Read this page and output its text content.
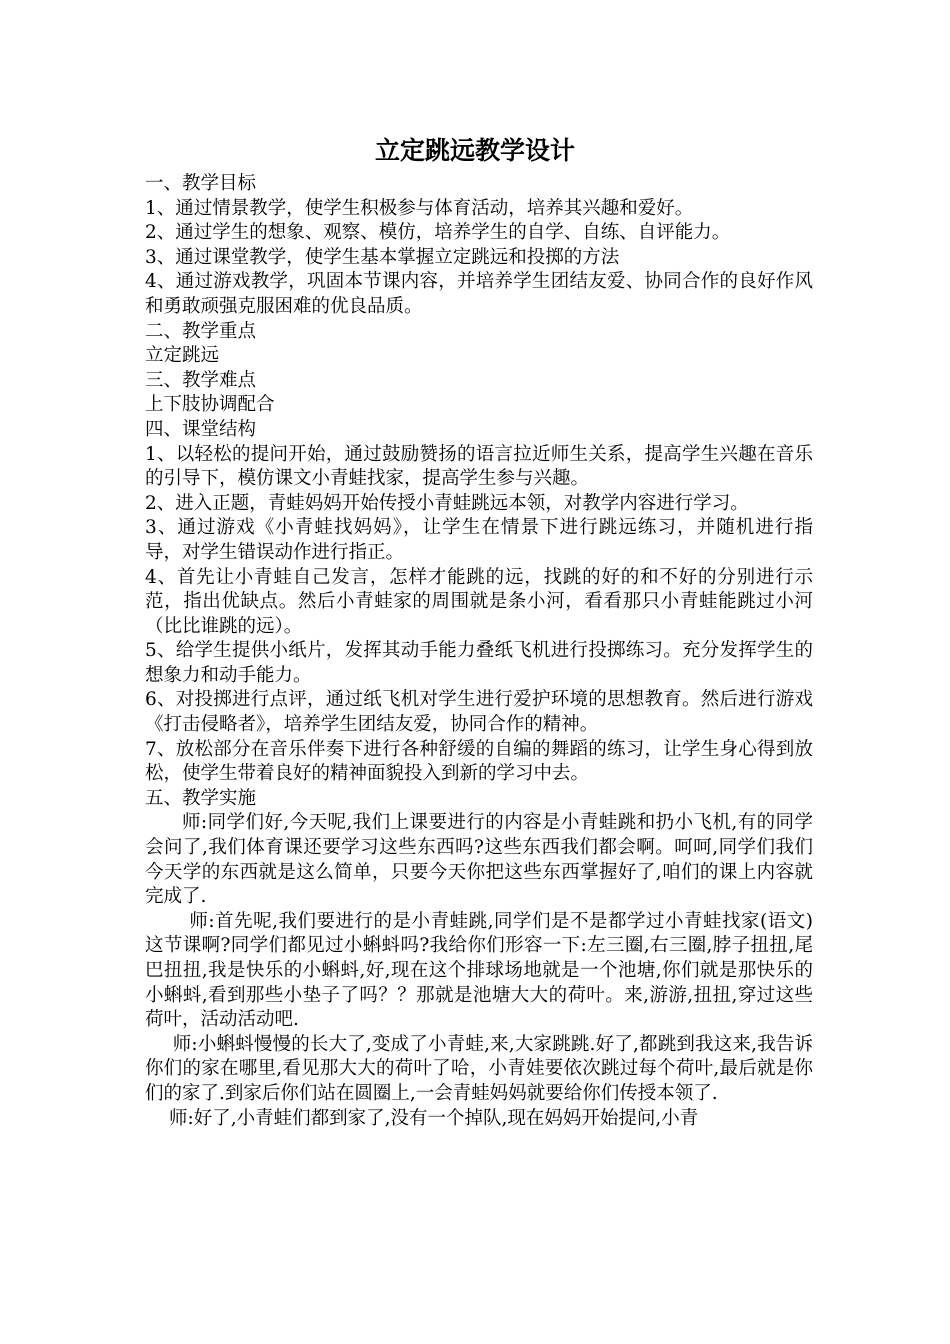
立定跳远教学设计

一、教学目标

1、通过情景教学，使学生积极参与体育活动，培养其兴趣和爱好。

2、通过学生的想象、观察、模仿，培养学生的自学、自练、自评能力。

3、通过课堂教学，使学生基本掌握立定跳远和投掷的方法

4、通过游戏教学，巩固本节课内容，并培养学生团结友爱、协同合作的良好作风和勇敢顽强克服困难的优良品质。

二、教学重点

立定跳远

三、教学难点

上下肢协调配合

四、课堂结构

1、以轻松的提问开始，通过鼓励赞扬的语言拉近师生关系，提高学生兴趣在音乐的引导下，模仿课文小青蛙找家，提高学生参与兴趣。

2、进入正题，青蛙妈妈开始传授小青蛙跳远本领，对教学内容进行学习。

3、通过游戏《小青蛙找妈妈》，让学生在情景下进行跳远练习，并随机进行指导，对学生错误动作进行指正。

4、首先让小青蛙自己发言，怎样才能跳的远，找跳的好的和不好的分别进行示范，指出优缺点。然后小青蛙家的周围就是条小河，看看那只小青蛙能跳过小河（比比谁跳的远）。

5、给学生提供小纸片，发挥其动手能力叠纸飞机进行投掷练习。充分发挥学生的想象力和动手能力。

6、对投掷进行点评，通过纸飞机对学生进行爱护环境的思想教育。然后进行游戏《打击侵略者》，培养学生团结友爱，协同合作的精神。

7、放松部分在音乐伴奏下进行各种舒缓的自编的舞蹈的练习，让学生身心得到放松，使学生带着良好的精神面貌投入到新的学习中去。

五、教学实施

师:同学们好,今天呢,我们上课要进行的内容是小青蛙跳和扔小飞机,有的同学会问了,我们体育课还要学习这些东西吗?这些东西我们都会啊。呵呵,同学们我们今天学的东西就是这么简单，只要今天你把这些东西掌握好了,咱们的课上内容就完成了.

师:首先呢,我们要进行的是小青蛙跳,同学们是不是都学过小青蛙找家(语文)这节课啊?同学们都见过小蝌蚪吗?我给你们形容一下:左三圈,右三圈,脖子扭扭,尾巴扭扭,我是快乐的小蝌蚪,好,现在这个排球场地就是一个池塘,你们就是那快乐的小蝌蚪,看到那些小垫子了吗？？那就是池塘大大的荷叶。来,游游,扭扭,穿过这些荷叶，活动活动吧.

师:小蝌蚪慢慢的长大了,变成了小青蛙,来,大家跳跳.好了,都跳到我这来,我告诉你们的家在哪里,看见那大大的荷叶了哈，小青娃要依次跳过每个荷叶,最后就是你们的家了.到家后你们站在圆圈上,一会青蛙妈妈就要给你们传授本领了.

师:好了,小青蛙们都到家了,没有一个掉队,现在妈妈开始提问,小青
